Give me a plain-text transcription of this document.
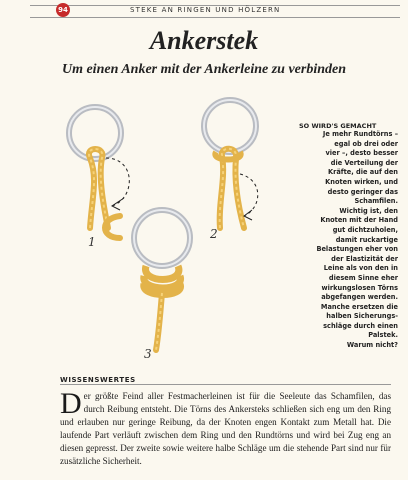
94	STEKE AN RINGEN UND HÖLZERN
Ankerstek
Um einen Anker mit der Ankerleine zu verbinden
1
2
3
SO WIRD'S GEMACHT
Je mehr Rundtörns –
egal ob drei oder
vier –, desto besser
die Verteilung der
Kräfte, die auf den
Knoten wirken, und
desto geringer das
Schamfilen.
Wichtig ist, den
Knoten mit der Hand
gut dichtzuholen,
damit ruckartige
Belastungen eher von
der Elastizität der
Leine als von den in
diesem Sinne eher
wirkungslosen Törns
abgefangen werden.
Manche ersetzen die
halben Sicherungs-
schläge durch einen
Palstek.
Warum nicht?
WISSENSWERTES
Der größte Feind aller Festmacherleinen ist für die Seeleute das Schamfilen, das durch Reibung entsteht. Die Törns des Ankersteks schließen sich eng um den Ring und erlauben nur geringe Reibung, da der Knoten engen Kontakt zum Metall hat. Die laufende Part verläuft zwischen dem Ring und den Rundtörns und wird bei Zug eng an diesen gepresst. Der zweite sowie weitere halbe Schläge um die stehende Part sind nur für zusätzliche Sicherheit.
